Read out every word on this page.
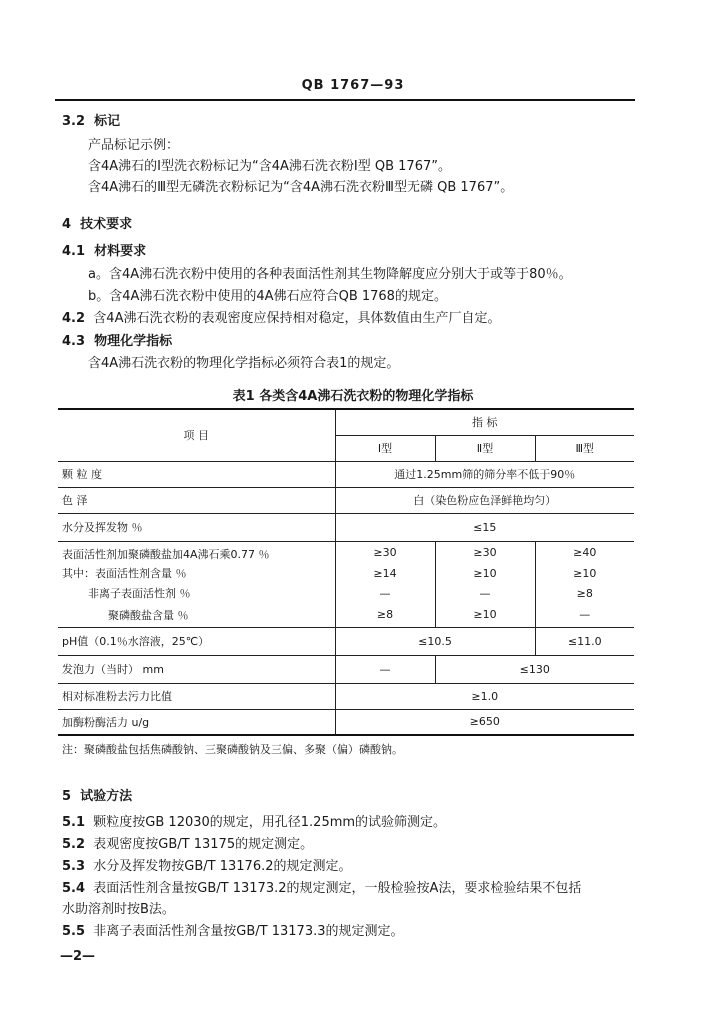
QB 1767—93
3.2 标记
产品标记示例：
含4A沸石的Ⅰ型洗衣粉标记为“含4A沸石洗衣粉Ⅰ型 QB 1767”。
含4A沸石的Ⅲ型无磷洗衣粉标记为“含4A沸石洗衣粉Ⅲ型无磷 QB 1767”。
4 技术要求
4.1 材料要求
a。含4A沸石洗衣粉中使用的各种表面活性剂其生物降解度应分别大于或等于80％。
b。含4A沸石洗衣粉中使用的4A佛石应符合QB 1768的规定。
4.2 含4A沸石洗衣粉的表观密度应保持相对稳定，具体数值由生产厂自定。
4.3 物理化学指标
含4A沸石洗衣粉的物理化学指标必须符合表1的规定。
表1 各类含4A沸石洗衣粉的物理化学指标
项 目	指 标		
	Ⅰ型	Ⅱ型	Ⅲ型
颗 粒 度	通过1.25mm筛的筛分率不低于90％		
色 泽	白（染色粉应色泽鲜艳均匀）		
水分及挥发物 ％	≤15		
表面活性剂加聚磷酸盐加4A沸石乘0.77 ％	≥30	≥30	≥40
其中：表面活性剂含量 ％	≥14	≥10	≥10
非离子表面活性剂 ％	—	—	≥8
聚磷酸盐含量 ％	≥8	≥10	—
pH值（0.1％水溶液，25℃）	≤10.5		≤11.0
发泡力（当时） mm	—	≤130	
相对标准粉去污力比值	≥1.0		
加酶粉酶活力 u/g	≥650		
注：聚磷酸盐包括焦磷酸钠、三聚磷酸钠及三偏、多聚（偏）磷酸钠。
5 试验方法
5.1 颗粒度按GB 12030的规定，用孔径1.25mm的试验筛测定。
5.2 表观密度按GB/T 13175的规定测定。
5.3 水分及挥发物按GB/T 13176.2的规定测定。
5.4 表面活性剂含量按GB/T 13173.2的规定测定，一般检验按A法，要求检验结果不包括
水助溶剂时按B法。
5.5 非离子表面活性剂含量按GB/T 13173.3的规定测定。
—2—
